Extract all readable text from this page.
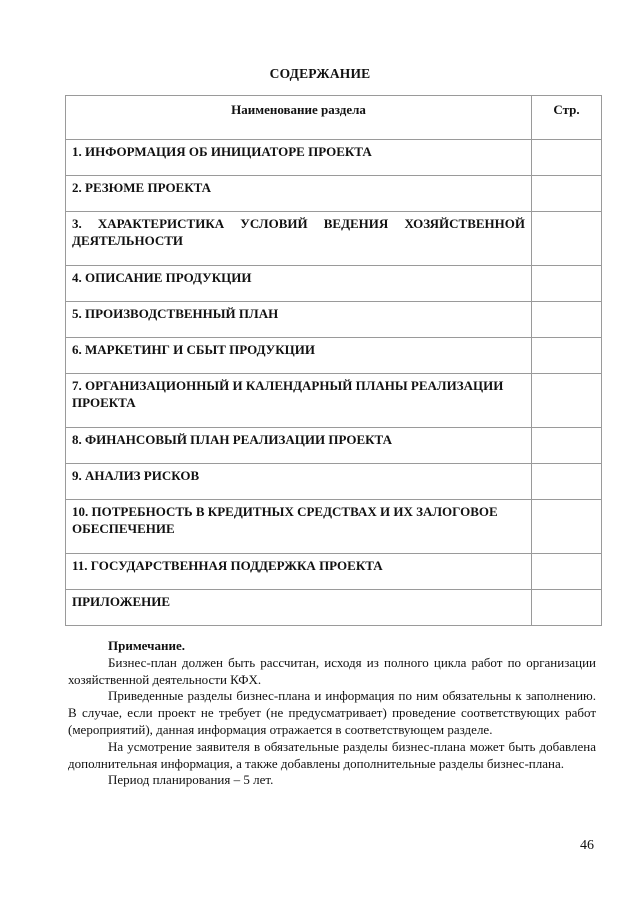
СОДЕРЖАНИЕ
Наименование раздела	Стр.
1. ИНФОРМАЦИЯ ОБ ИНИЦИАТОРЕ ПРОЕКТА	
2. РЕЗЮМЕ ПРОЕКТА	
3. ХАРАКТЕРИСТИКА УСЛОВИЙ ВЕДЕНИЯ ХОЗЯЙСТВЕННОЙ ДЕЯТЕЛЬНОСТИ	
4. ОПИСАНИЕ ПРОДУКЦИИ	
5. ПРОИЗВОДСТВЕННЫЙ ПЛАН	
6. МАРКЕТИНГ И СБЫТ ПРОДУКЦИИ	
7. ОРГАНИЗАЦИОННЫЙ И КАЛЕНДАРНЫЙ ПЛАНЫ РЕАЛИЗАЦИИ ПРОЕКТА	
8. ФИНАНСОВЫЙ ПЛАН РЕАЛИЗАЦИИ ПРОЕКТА	
9. АНАЛИЗ РИСКОВ	
10. ПОТРЕБНОСТЬ В КРЕДИТНЫХ СРЕДСТВАХ И ИХ ЗАЛОГОВОЕ ОБЕСПЕЧЕНИЕ	
11. ГОСУДАРСТВЕННАЯ ПОДДЕРЖКА ПРОЕКТА	
ПРИЛОЖЕНИЕ	

Примечание.

Бизнес-план должен быть рассчитан, исходя из полного цикла работ по организации хозяйственной деятельности КФХ.

Приведенные разделы бизнес-плана и информация по ним обязательны к заполнению. В случае, если проект не требует (не предусматривает) проведение соответствующих работ (мероприятий), данная информация отражается в соответствующем разделе.

На усмотрение заявителя в обязательные разделы бизнес-плана может быть добавлена дополнительная информация, а также добавлены дополнительные разделы бизнес-плана.

Период планирования – 5 лет.

46
